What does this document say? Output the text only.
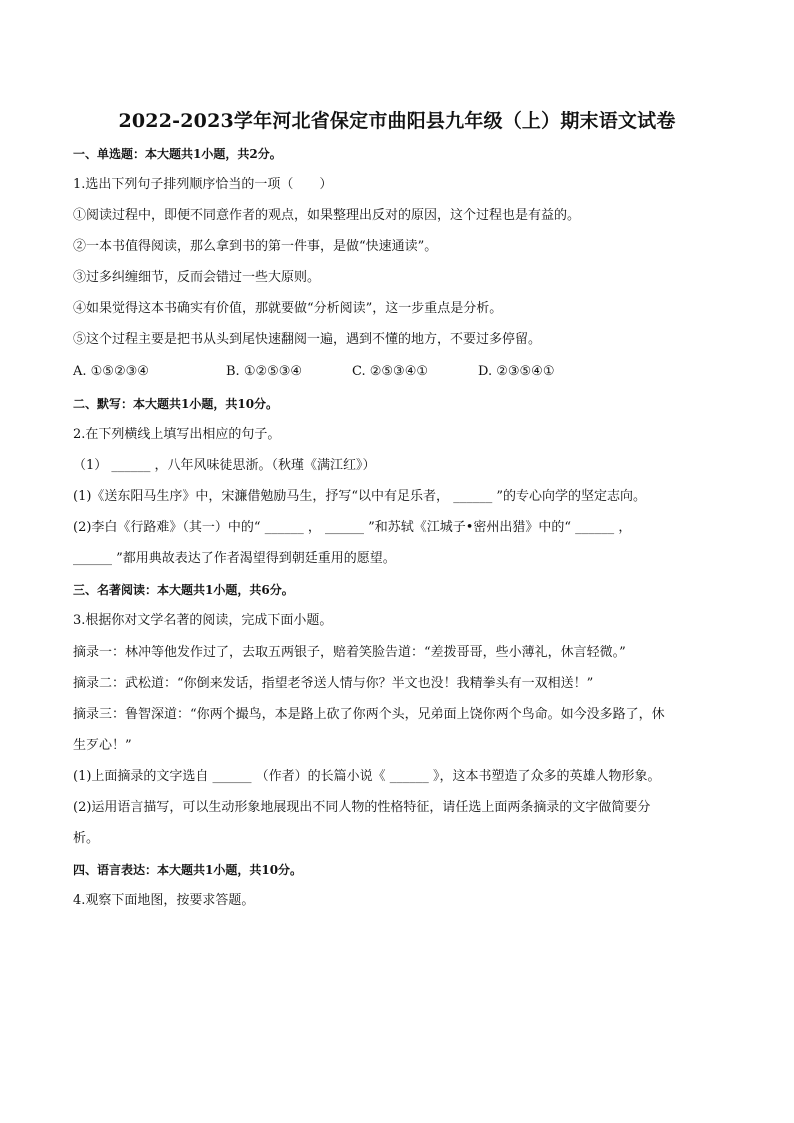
2022-2023学年河北省保定市曲阳县九年级（上）期末语文试卷
一、单选题：本大题共1小题，共2分。
1.选出下列句子排列顺序恰当的一项（　　）
①阅读过程中，即便不同意作者的观点，如果整理出反对的原因，这个过程也是有益的。
②一本书值得阅读，那么拿到书的第一件事，是做“快速通读”。
③过多纠缠细节，反而会错过一些大原则。
④如果觉得这本书确实有价值，那就要做“分析阅读”，这一步重点是分析。
⑤这个过程主要是把书从头到尾快速翻阅一遍，遇到不懂的地方，不要过多停留。
A. ①⑤②③④	B. ①②⑤③④	C. ②⑤③④①	D. ②③⑤④①
二、默写：本大题共1小题，共10分。
2.在下列横线上填写出相应的句子。
（1） ______ ，八年风味徒思浙。（秋瑾《满江红》）
(1)《送东阳马生序》中，宋濂借勉励马生，抒写“以中有足乐者， ______ ”的专心向学的坚定志向。
(2)李白《行路难》（其一）中的“ ______ ， ______ ”和苏轼《江城子•密州出猎》中的“ ______ ，
______ ”都用典故表达了作者渴望得到朝廷重用的愿望。
三、名著阅读：本大题共1小题，共6分。
3.根据你对文学名著的阅读，完成下面小题。
摘录一：林冲等他发作过了，去取五两银子，赔着笑脸告道：“差拨哥哥，些小薄礼，休言轻微。”
摘录二：武松道：“你倒来发话，指望老爷送人情与你？半文也没！我精拳头有一双相送！”
摘录三：鲁智深道：“你两个撮鸟，本是路上砍了你两个头，兄弟面上饶你两个鸟命。如今没多路了，休
生歹心！”
(1)上面摘录的文字选自 ______ （作者）的长篇小说《 ______ 》，这本书塑造了众多的英雄人物形象。
(2)运用语言描写，可以生动形象地展现出不同人物的性格特征，请任选上面两条摘录的文字做简要分
析。
四、语言表达：本大题共1小题，共10分。
4.观察下面地图，按要求答题。
